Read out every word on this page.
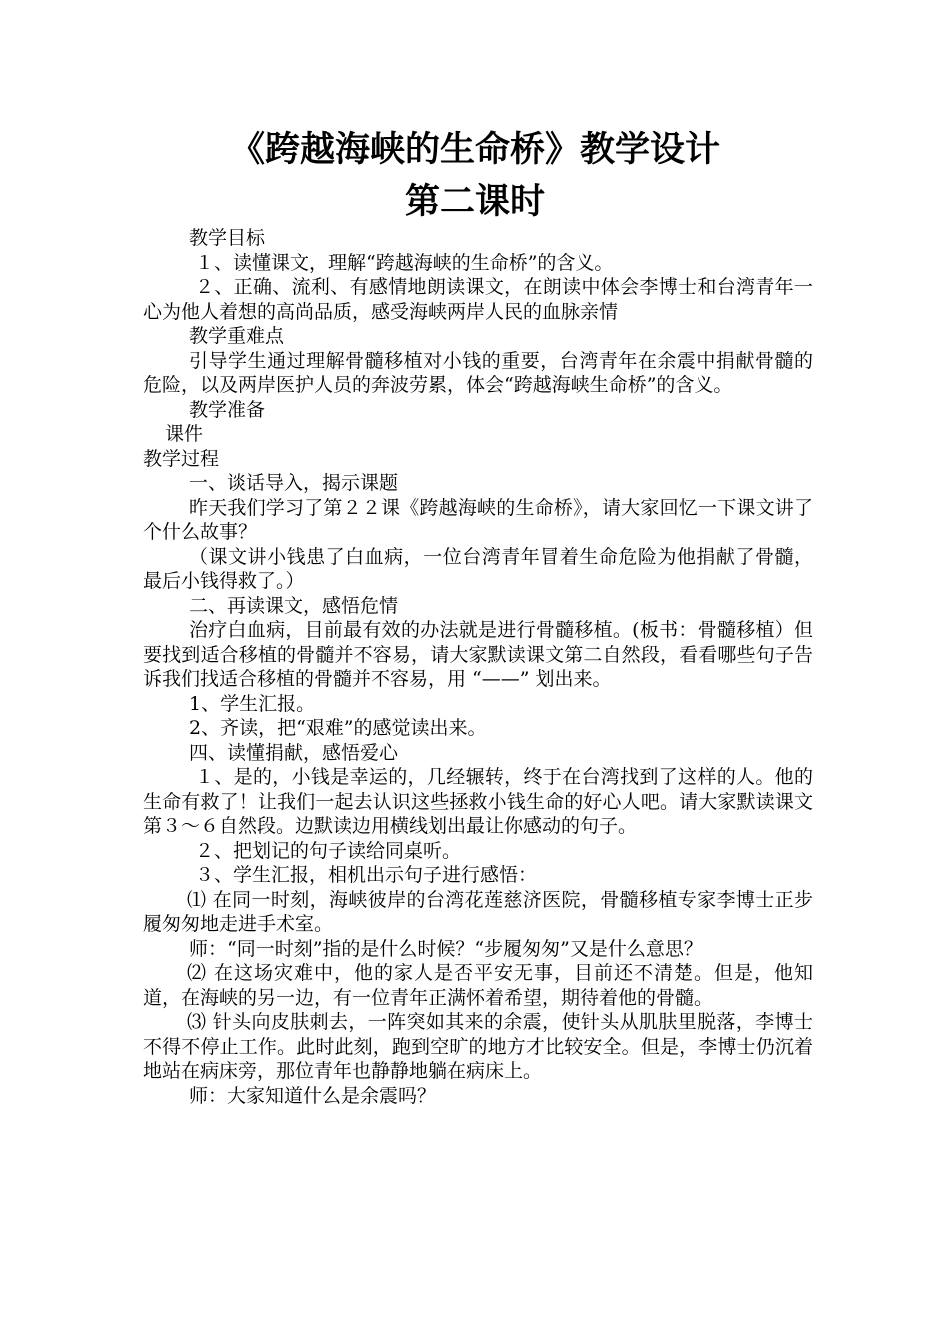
《跨越海峡的生命桥》教学设计
第二课时

教学目标

１、读懂课文，理解“跨越海峡的生命桥”的含义。

２、正确、流利、有感情地朗读课文，在朗读中体会李博士和台湾青年一心为他人着想的高尚品质，感受海峡两岸人民的血脉亲情

教学重难点

引导学生通过理解骨髓移植对小钱的重要，台湾青年在余震中捐献骨髓的危险，以及两岸医护人员的奔波劳累，体会“跨越海峡生命桥”的含义。

教学准备

课件

教学过程

一、谈话导入，揭示课题

昨天我们学习了第２２课《跨越海峡的生命桥》，请大家回忆一下课文讲了个什么故事？

（课文讲小钱患了白血病，一位台湾青年冒着生命危险为他捐献了骨髓，最后小钱得救了。）

二、再读课文，感悟危情

治疗白血病，目前最有效的办法就是进行骨髓移植。(板书：骨髓移植）但要找到适合移植的骨髓并不容易，请大家默读课文第二自然段，看看哪些句子告诉我们找适合移植的骨髓并不容易，用 “——” 划出来。

1、学生汇报。

2、齐读，把“艰难”的感觉读出来。

四、读懂捐献，感悟爱心

１、是的，小钱是幸运的，几经辗转，终于在台湾找到了这样的人。他的生命有救了！让我们一起去认识这些拯救小钱生命的好心人吧。请大家默读课文第３～６自然段。边默读边用横线划出最让你感动的句子。

２、把划记的句子读给同桌听。

３、学生汇报，相机出示句子进行感悟：

⑴ 在同一时刻，海峡彼岸的台湾花莲慈济医院，骨髓移植专家李博士正步履匆匆地走进手术室。

师：“同一时刻”指的是什么时候？“步履匆匆”又是什么意思？

⑵ 在这场灾难中，他的家人是否平安无事，目前还不清楚。但是，他知道，在海峡的另一边，有一位青年正满怀着希望，期待着他的骨髓。

⑶ 针头向皮肤刺去，一阵突如其来的余震，使针头从肌肤里脱落，李博士不得不停止工作。此时此刻，跑到空旷的地方才比较安全。但是，李博士仍沉着地站在病床旁，那位青年也静静地躺在病床上。

师：大家知道什么是余震吗？
